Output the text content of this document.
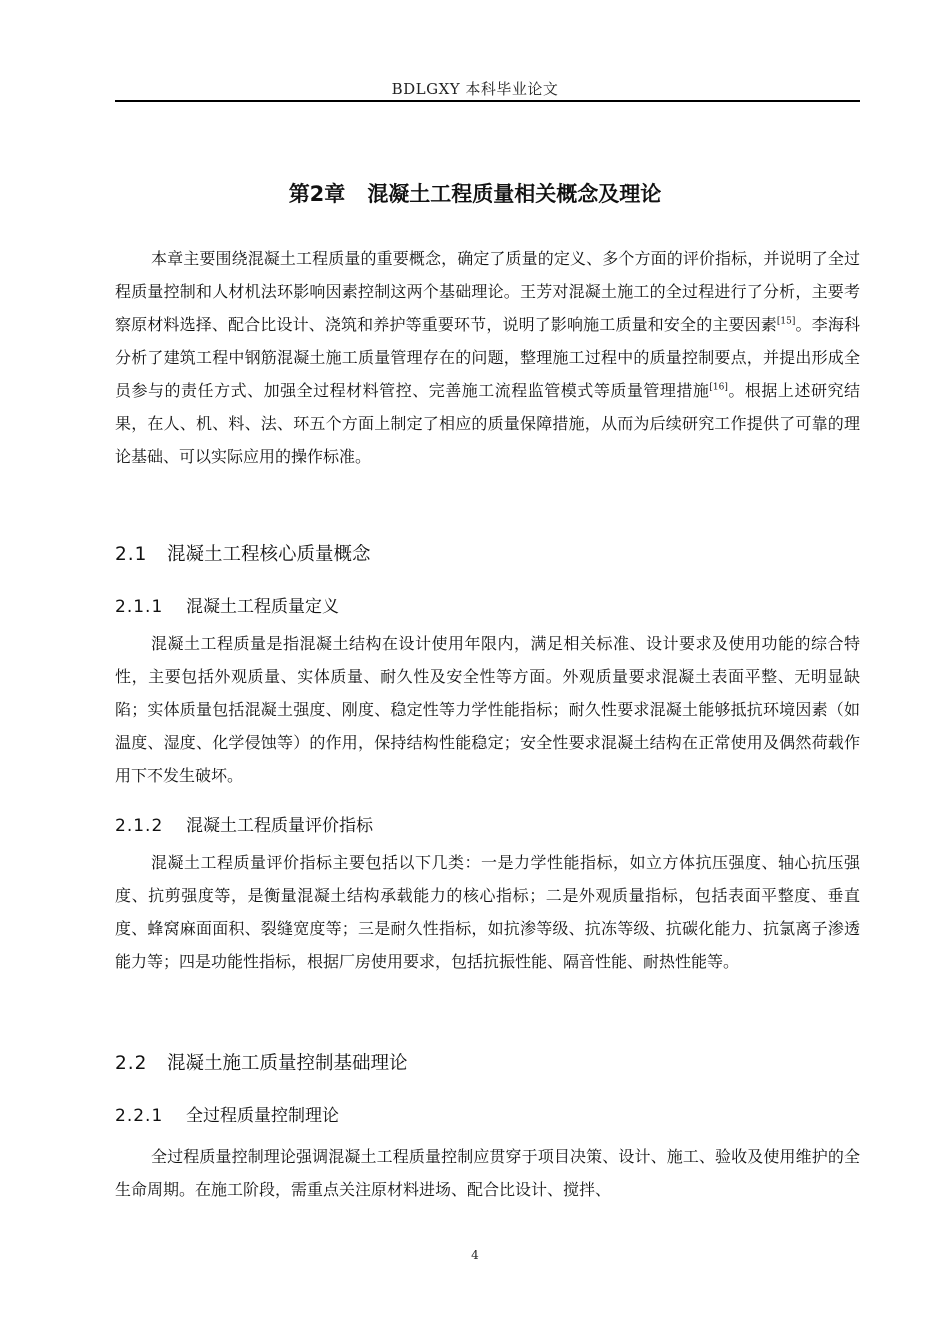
BDLGXY 本科毕业论文
第2章 混凝土工程质量相关概念及理论

本章主要围绕混凝土工程质量的重要概念，确定了质量的定义、多个方面的评价指标，并说明了全过程质量控制和人材机法环影响因素控制这两个基础理论。王芳对混凝土施工的全过程进行了分析，主要考察原材料选择、配合比设计、浇筑和养护等重要环节，说明了影响施工质量和安全的主要因素[15]。李海科分析了建筑工程中钢筋混凝土施工质量管理存在的问题，整理施工过程中的质量控制要点，并提出形成全员参与的责任方式、加强全过程材料管控、完善施工流程监管模式等质量管理措施[16]。根据上述研究结果，在人、机、料、法、环五个方面上制定了相应的质量保障措施，从而为后续研究工作提供了可靠的理论基础、可以实际应用的操作标准。

2.1 混凝土工程核心质量概念
2.1.1 混凝土工程质量定义

混凝土工程质量是指混凝土结构在设计使用年限内，满足相关标准、设计要求及使用功能的综合特性，主要包括外观质量、实体质量、耐久性及安全性等方面。外观质量要求混凝土表面平整、无明显缺陷；实体质量包括混凝土强度、刚度、稳定性等力学性能指标；耐久性要求混凝土能够抵抗环境因素（如温度、湿度、化学侵蚀等）的作用，保持结构性能稳定；安全性要求混凝土结构在正常使用及偶然荷载作用下不发生破坏。

2.1.2 混凝土工程质量评价指标

混凝土工程质量评价指标主要包括以下几类：一是力学性能指标，如立方体抗压强度、轴心抗压强度、抗剪强度等，是衡量混凝土结构承载能力的核心指标；二是外观质量指标，包括表面平整度、垂直度、蜂窝麻面面积、裂缝宽度等；三是耐久性指标，如抗渗等级、抗冻等级、抗碳化能力、抗氯离子渗透能力等；四是功能性指标，根据厂房使用要求，包括抗振性能、隔音性能、耐热性能等。

2.2 混凝土施工质量控制基础理论
2.2.1 全过程质量控制理论

全过程质量控制理论强调混凝土工程质量控制应贯穿于项目决策、设计、施工、验收及使用维护的全生命周期。在施工阶段，需重点关注原材料进场、配合比设计、搅拌、

4
